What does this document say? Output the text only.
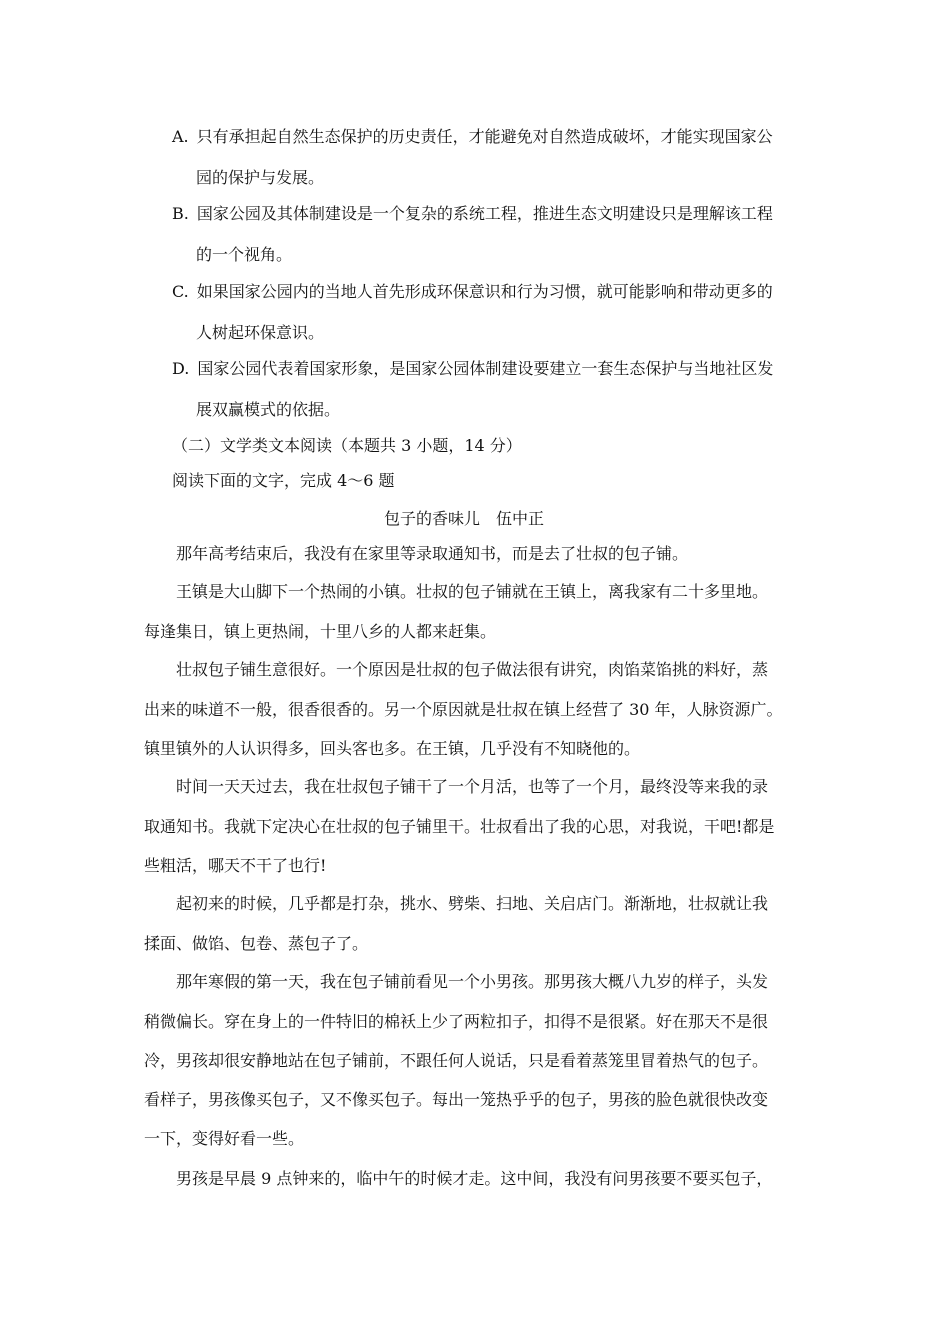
A. 只有承担起自然生态保护的历史责任，才能避免对自然造成破坏，才能实现国家公
园的保护与发展。
B. 国家公园及其体制建设是一个复杂的系统工程，推进生态文明建设只是理解该工程
的一个视角。
C. 如果国家公园内的当地人首先形成环保意识和行为习惯，就可能影响和带动更多的
人树起环保意识。
D. 国家公园代表着国家形象，是国家公园体制建设要建立一套生态保护与当地社区发
展双赢模式的依据。
（二）文学类文本阅读（本题共 3 小题，14 分）
阅读下面的文字，完成 4～6 题
包子的香味儿　伍中正
那年高考结束后，我没有在家里等录取通知书，而是去了壮叔的包子铺。
王镇是大山脚下一个热闹的小镇。壮叔的包子铺就在王镇上，离我家有二十多里地。
每逢集日，镇上更热闹，十里八乡的人都来赶集。
壮叔包子铺生意很好。一个原因是壮叔的包子做法很有讲究，肉馅菜馅挑的料好，蒸
出来的味道不一般，很香很香的。另一个原因就是壮叔在镇上经营了 30 年，人脉资源广。
镇里镇外的人认识得多，回头客也多。在王镇，几乎没有不知晓他的。
时间一天天过去，我在壮叔包子铺干了一个月活，也等了一个月，最终没等来我的录
取通知书。我就下定决心在壮叔的包子铺里干。壮叔看出了我的心思，对我说，干吧!都是
些粗活，哪天不干了也行!
起初来的时候，几乎都是打杂，挑水、劈柴、扫地、关启店门。渐渐地，壮叔就让我
揉面、做馅、包卷、蒸包子了。
那年寒假的第一天，我在包子铺前看见一个小男孩。那男孩大概八九岁的样子，头发
稍微偏长。穿在身上的一件特旧的棉袄上少了两粒扣子，扣得不是很紧。好在那天不是很
冷，男孩却很安静地站在包子铺前，不跟任何人说话，只是看着蒸笼里冒着热气的包子。
看样子，男孩像买包子，又不像买包子。每出一笼热乎乎的包子，男孩的脸色就很快改变
一下，变得好看一些。
男孩是早晨 9 点钟来的，临中午的时候才走。这中间，我没有问男孩要不要买包子，
